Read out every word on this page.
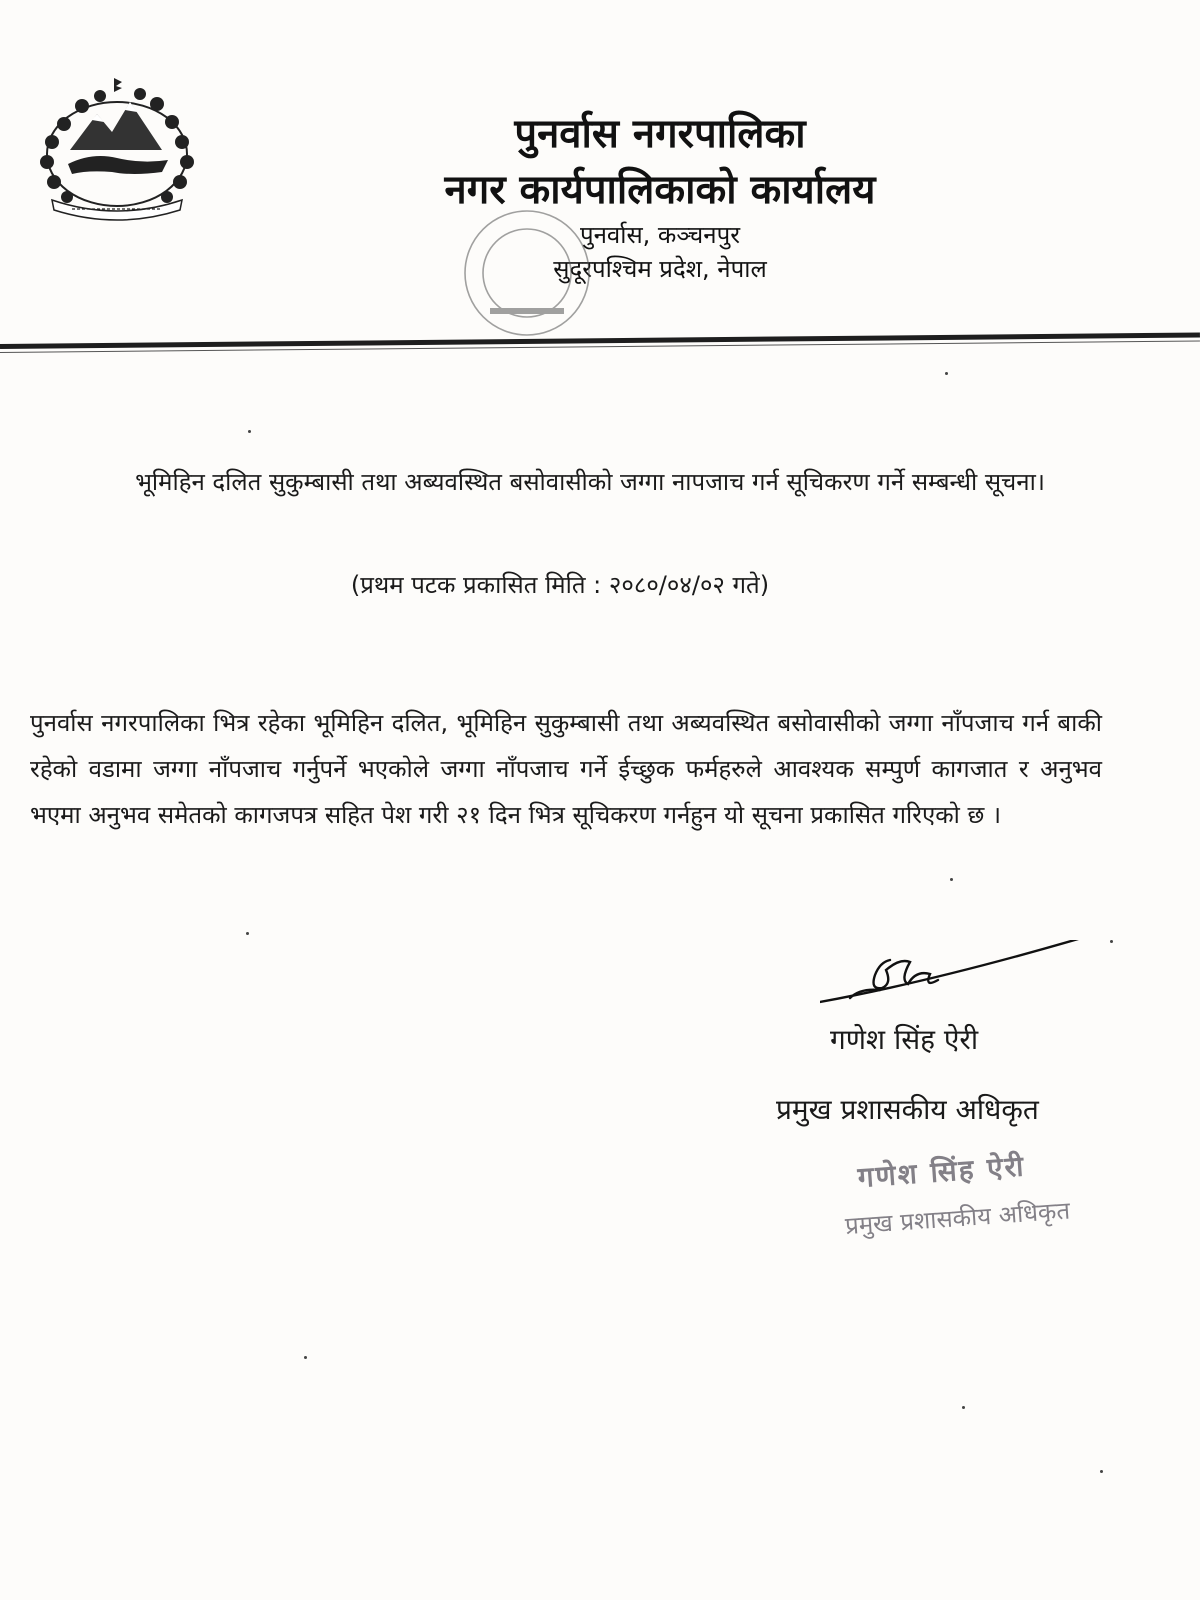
पुनर्वास नगरपालिका

नगर कार्यपालिकाको कार्यालय

पुनर्वास, कञ्चनपुर

सुदूरपश्चिम प्रदेश, नेपाल

भूमिहिन दलित सुकुम्बासी तथा अब्यवस्थित बसोवासीको जग्गा नापजाच गर्न सूचिकरण गर्ने सम्बन्धी सूचना।

(प्रथम पटक प्रकासित मिति : २०८०/०४/०२ गते)

पुनर्वास नगरपालिका भित्र रहेका भूमिहिन दलित, भूमिहिन सुकुम्बासी तथा अब्यवस्थित बसोवासीको जग्गा नाँपजाच गर्न बाकी रहेको वडामा जग्गा नाँपजाच गर्नुपर्ने भएकोले जग्गा नाँपजाच गर्ने ईच्छुक फर्महरुले आवश्यक सम्पुर्ण कागजात र अनुभव भएमा अनुभव समेतको कागजपत्र सहित पेश गरी २१ दिन भित्र सूचिकरण गर्नहुन यो सूचना प्रकासित गरिएको छ ।

गणेश सिंह ऐरी

प्रमुख प्रशासकीय अधिकृत

गणेश सिंह ऐरी
प्रमुख प्रशासकीय अधिकृत
